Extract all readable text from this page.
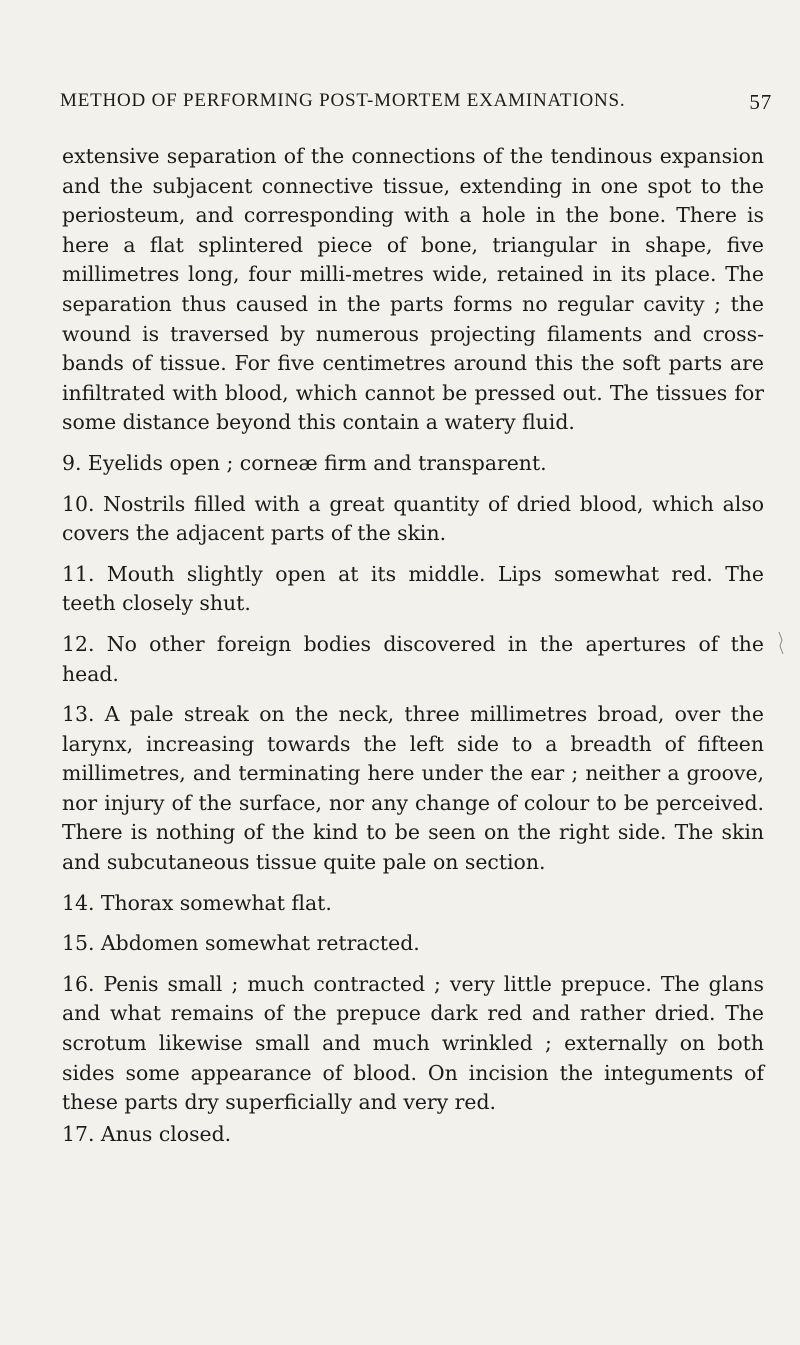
METHOD OF PERFORMING POST-MORTEM EXAMINATIONS.	57

extensive separation of the connections of the tendinous expansion and the subjacent connective tissue, extending in one spot to the periosteum, and corresponding with a hole in the bone. There is here a flat splintered piece of bone, triangular in shape, five millimetres long, four milli-metres wide, retained in its place. The separation thus caused in the parts forms no regular cavity ; the wound is traversed by numerous projecting filaments and cross-bands of tissue. For five centimetres around this the soft parts are infiltrated with blood, which cannot be pressed out. The tissues for some distance beyond this contain a watery fluid.

9. Eyelids open ; corneæ firm and transparent.

10. Nostrils filled with a great quantity of dried blood, which also covers the adjacent parts of the skin.

11. Mouth slightly open at its middle. Lips somewhat red. The teeth closely shut.

12. No other foreign bodies discovered in the apertures of the head.

13. A pale streak on the neck, three millimetres broad, over the larynx, increasing towards the left side to a breadth of fifteen millimetres, and terminating here under the ear ; neither a groove, nor injury of the surface, nor any change of colour to be perceived. There is nothing of the kind to be seen on the right side. The skin and subcutaneous tissue quite pale on section.

14. Thorax somewhat flat.

15. Abdomen somewhat retracted.

16. Penis small ; much contracted ; very little prepuce. The glans and what remains of the prepuce dark red and rather dried. The scrotum likewise small and much wrinkled ; externally on both sides some appearance of blood. On incision the integuments of these parts dry superficially and very red.

17. Anus closed.
